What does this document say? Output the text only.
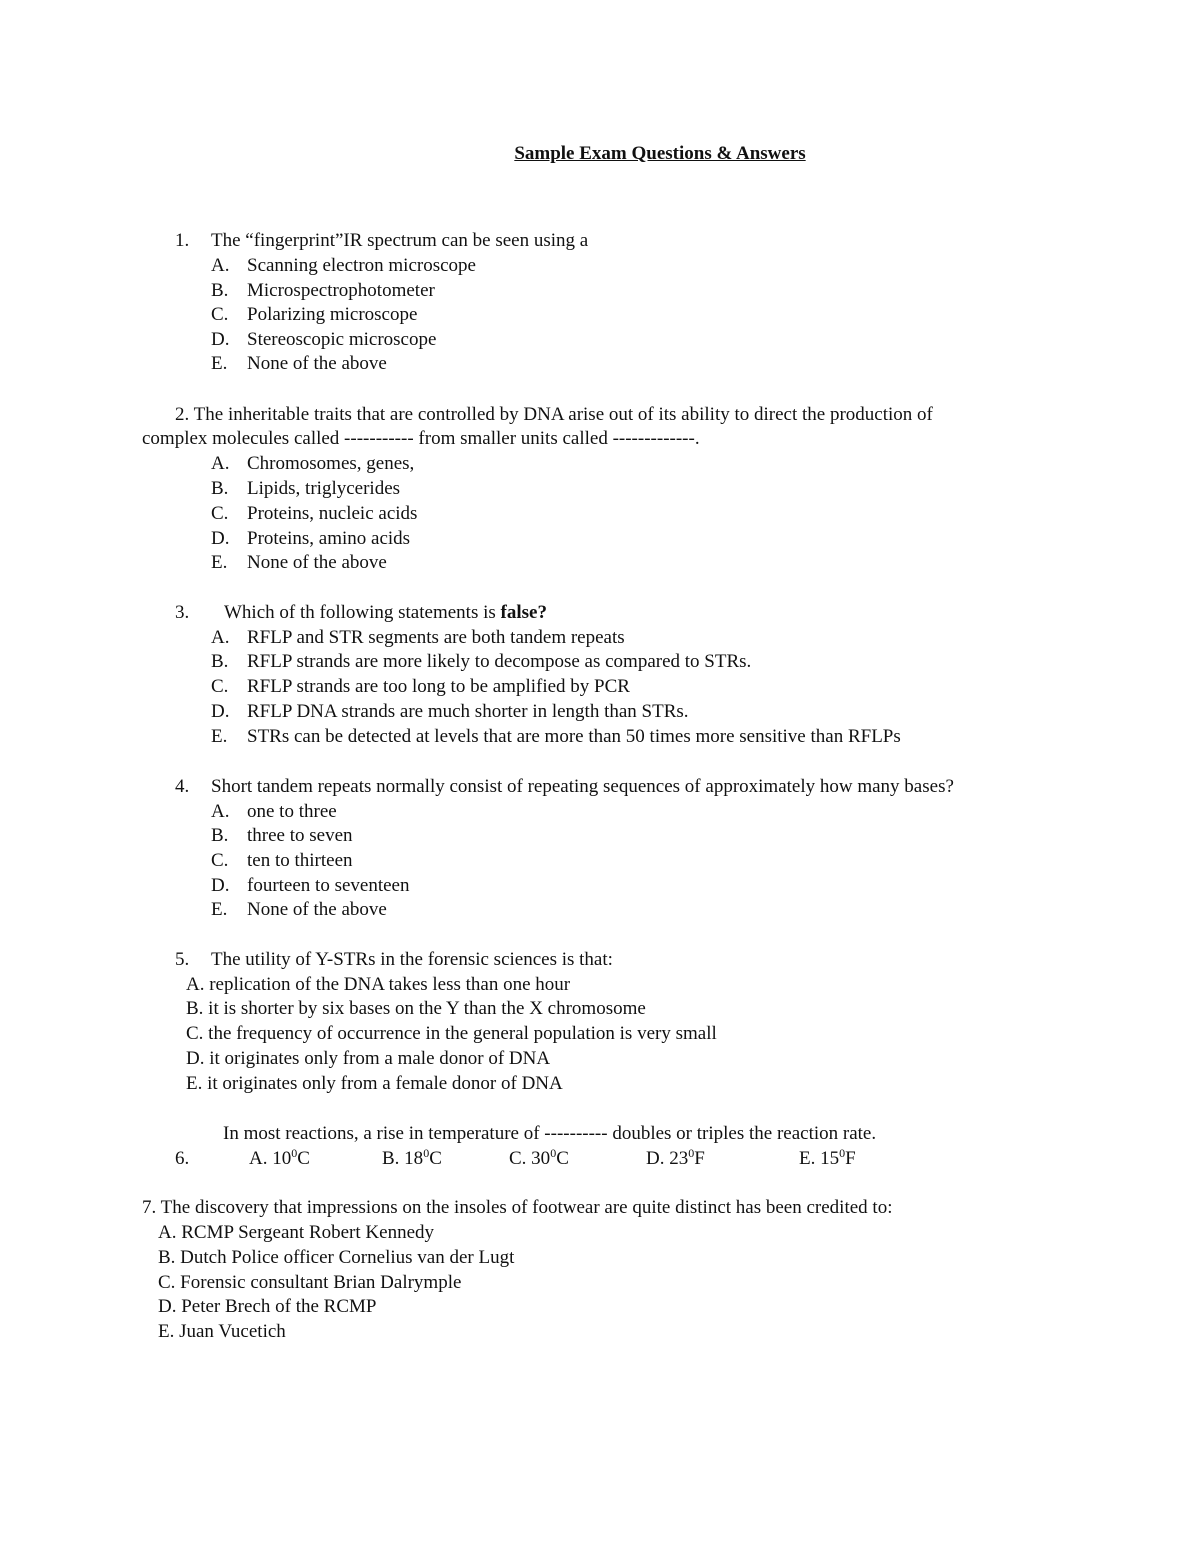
Sample Exam Questions & Answers
1. The “fingerprint”IR spectrum can be seen using a
A. Scanning electron microscope
B. Microspectrophotometer
C. Polarizing microscope
D. Stereoscopic microscope
E. None of the above
2. The inheritable traits that are controlled by DNA arise out of its ability to direct the production of
complex molecules called ----------- from smaller units called -------------.
A. Chromosomes, genes,
B. Lipids, triglycerides
C. Proteins, nucleic acids
D. Proteins, amino acids
E. None of the above
3. Which of th following statements is false?
A. RFLP and STR segments are both tandem repeats
B. RFLP strands are more likely to decompose as compared to STRs.
C. RFLP strands are too long to be amplified by PCR
D. RFLP DNA strands are much shorter in length than STRs.
E. STRs can be detected at levels that are more than 50 times more sensitive than RFLPs
4. Short tandem repeats normally consist of repeating sequences of approximately how many bases?
A. one to three
B. three to seven
C. ten to thirteen
D. fourteen to seventeen
E. None of the above
5. The utility of Y-STRs in the forensic sciences is that:
A. replication of the DNA takes less than one hour
B. it is shorter by six bases on the Y than the X chromosome
C. the frequency of occurrence in the general population is very small
D. it originates only from a male donor of DNA
E. it originates only from a female donor of DNA
In most reactions, a rise in temperature of ---------- doubles or triples the reaction rate.
6.	A. $10^0C$	B. $18^0C$	C. $30^0C$	D. $23^0F$	E. $15^0F$
7. The discovery that impressions on the insoles of footwear are quite distinct has been credited to:
A. RCMP Sergeant Robert Kennedy
B. Dutch Police officer Cornelius van der Lugt
C. Forensic consultant Brian Dalrymple
D. Peter Brech of the RCMP
E. Juan Vucetich
